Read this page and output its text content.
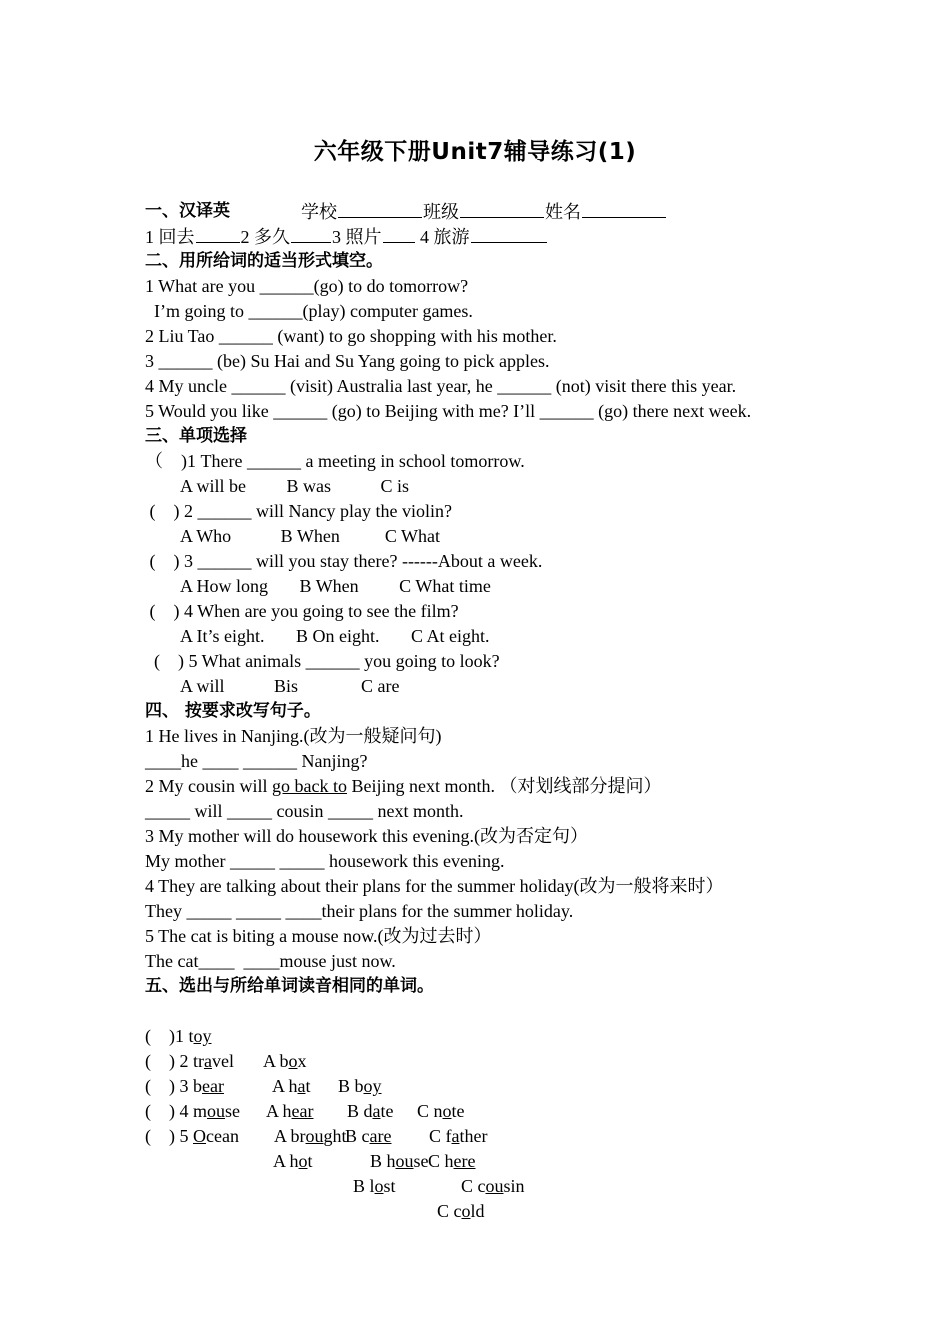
六年级下册Unit7辅导练习(1)

学校	班级	姓名

一、汉译英
1 回去	2 多久 3 照片 4 旅游
二、用所给词的适当形式填空。
1 What are you ______(go) to do tomorrow?
I’m going to ______(play) computer games.
2 Liu Tao ______ (want) to go shopping with his mother.
3 ______ (be) Su Hai and Su Yang going to pick apples.
4 My uncle ______ (visit) Australia last year, he ______ (not) visit there this year.
5 Would you like ______ (go) to Beijing with me? I’ll ______ (go) there next week.
三、单项选择
（    )1 There ______ a meeting in school tomorrow.
A will be         B was           C is
(    ) 2 ______ will Nancy play the violin?
A Who           B When          C What
(    ) 3 ______ will you stay there? ------About a week.
A How long       B When         C What time
(    ) 4 When are you going to see the film?
A It’s eight.       B On eight.       C At eight.
(    ) 5 What animals ______ you going to look?
A will           Bis              C are
四、 按要求改写句子。
1 He lives in Nanjing.(改为一般疑问句)
____he ____ ______ Nanjing?
2 My cousin will go back to Beijing next month. （对划线部分提问）
_____ will _____ cousin _____ next month.
3 My mother will do housework this evening.(改为否定句）
My mother _____ _____ housework this evening.
4 They are talking about their plans for the summer holiday(改为一般将来时）
They _____ _____ ____their plans for the summer holiday.
5 The cat is biting a mouse now.(改为过去时）
The cat____  ____mouse just now.
五、选出与所给单词读音相同的单词。

(    )1 toy

A box

B boy

C note

(    ) 2 travel

A hat

B date

C father

(    ) 3 bear

A hear

B care

C here

(    ) 4 mouse

A brought

B house

C cousin

(    ) 5 Ocean

A hot

B lost

C cold
